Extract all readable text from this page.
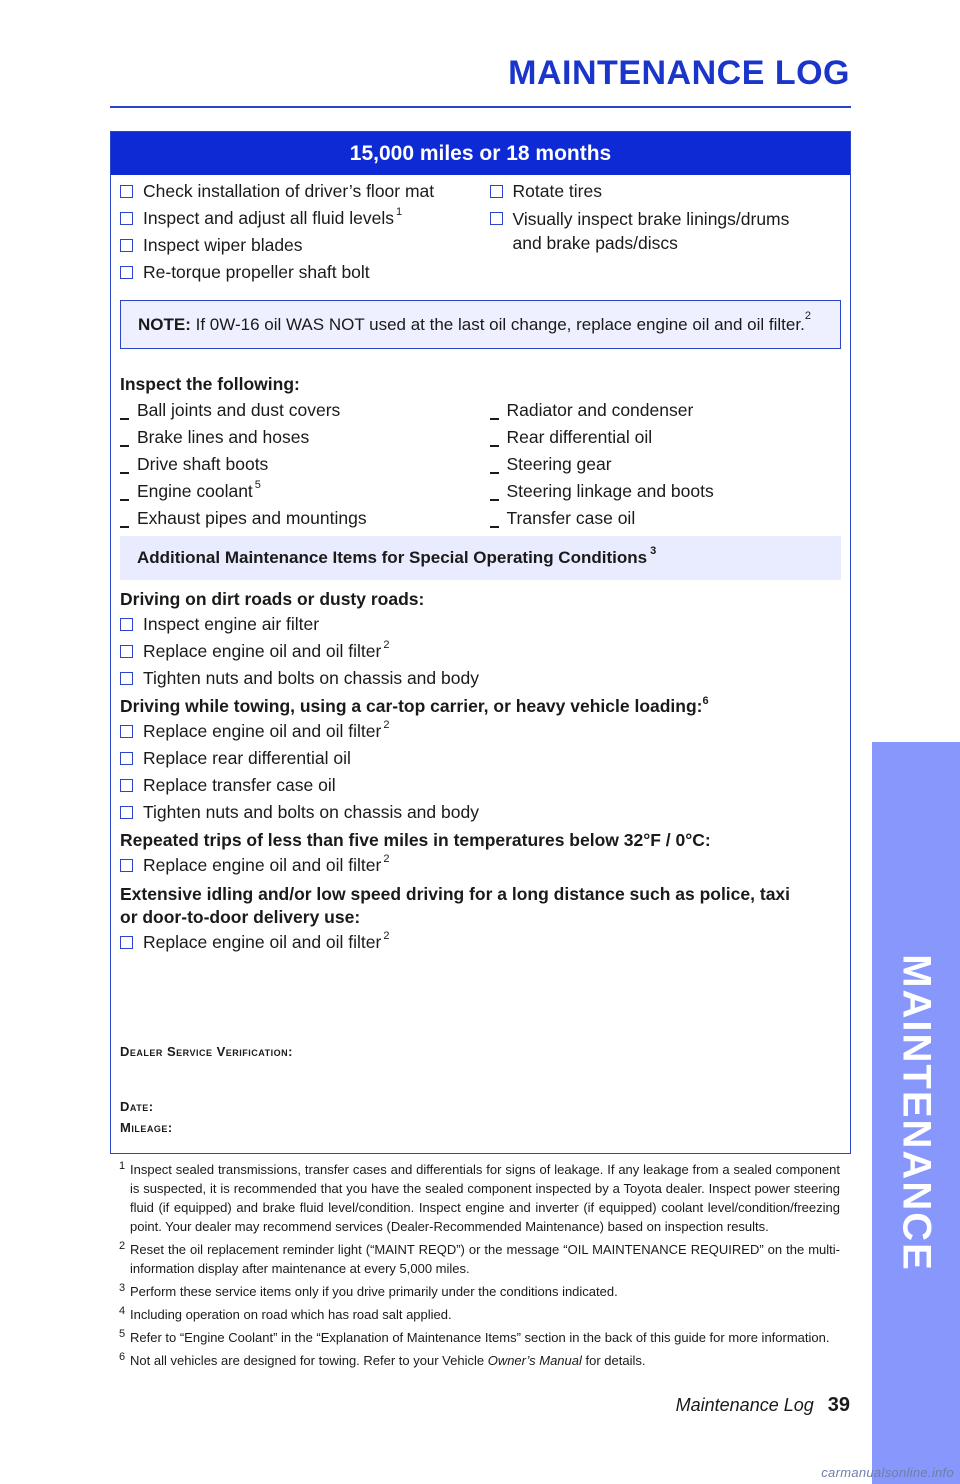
MAINTENANCE LOG
MAINTENANCE
15,000 miles or 18 months
Check installation of driver’s floor mat
Inspect and adjust all fluid levels$^1$
Inspect wiper blades
Re-torque propeller shaft bolt
Rotate tires
Visually inspect brake linings/drums and brake pads/discs
NOTE: If 0W-16 oil WAS NOT used at the last oil change, replace engine oil and oil filter.$^2$
Inspect the following:
Ball joints and dust covers
Brake lines and hoses
Drive shaft boots
Engine coolant$^5$
Exhaust pipes and mountings
Radiator and condenser
Rear differential oil
Steering gear
Steering linkage and boots
Transfer case oil
Additional Maintenance Items for Special Operating Conditions $^3$
Driving on dirt roads or dusty roads:
Inspect engine air filter
Replace engine oil and oil filter$^2$
Tighten nuts and bolts on chassis and body
Driving while towing, using a car-top carrier, or heavy vehicle loading:$^6$
Replace engine oil and oil filter$^2$
Replace rear differential oil
Replace transfer case oil
Tighten nuts and bolts on chassis and body
Repeated trips of less than five miles in temperatures below 32°F / 0°C:
Replace engine oil and oil filter$^2$
Extensive idling and/or low speed driving for a long distance such as police, taxi or door-to-door delivery use:
Replace engine oil and oil filter$^2$
Dealer Service Verification:
Date:
Mileage:
1 Inspect sealed transmissions, transfer cases and differentials for signs of leakage. If any leakage from a sealed component is suspected, it is recommended that you have the sealed component inspected by a Toyota dealer. Inspect power steering fluid (if equipped) and brake fluid level/condition. Inspect engine and inverter (if equipped) coolant level/condition/freezing point. Your dealer may recommend services (Dealer-Recommended Maintenance) based on inspection results.
2 Reset the oil replacement reminder light (“MAINT REQD”) or the message “OIL MAINTENANCE REQUIRED” on the multi-information display after maintenance at every 5,000 miles.
3 Perform these service items only if you drive primarily under the conditions indicated.
4 Including operation on road which has road salt applied.
5 Refer to “Engine Coolant” in the “Explanation of Maintenance Items” section in the back of this guide for more information.
6 Not all vehicles are designed for towing. Refer to your Vehicle Owner’s Manual for details.
Maintenance Log 39
carmanualsonline.info
